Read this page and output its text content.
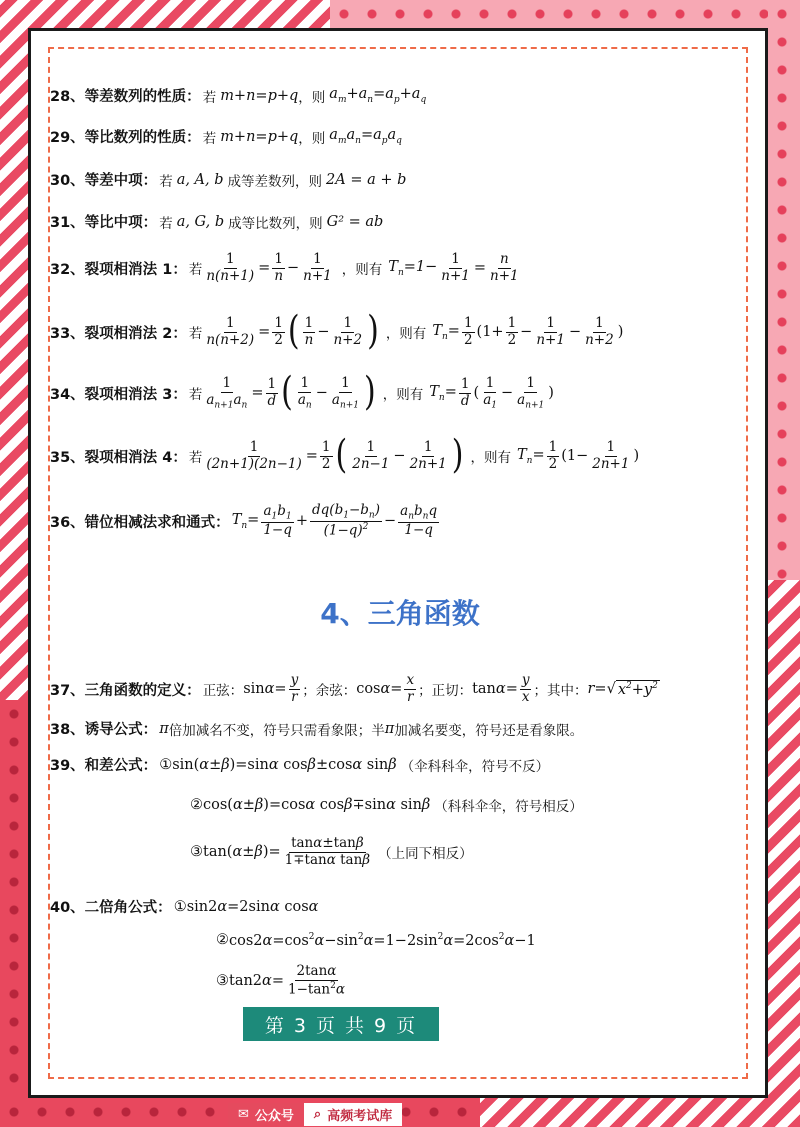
28、等差数列的性质： 若 m+n=p+q ，则 $a_m+a_n=a_p+a_q$
29、等比数列的性质： 若 m+n=p+q ，则 $a_ma_n=a_pa_q$
30、等差中项： 若 a, A, b 成等差数列，则 2A = a + b
31、等比中项： 若 a, G, b 成等比数列，则 G² = ab
32、裂项相消法 1： 若 $\frac{1}{n(n+1)} = \frac{1}{n} - \frac{1}{n+1}$ ，则有 $T_n=1- \frac{1}{n+1} = \frac{n}{n+1}$
33、裂项相消法 2： 若 $\frac{1}{n(n+2)} = \frac{1}{2}$ ( $\frac{1}{n} - \frac{1}{n+2}$ ) ，则有 $T_n= \frac{1}{2} (1+ \frac{1}{2} - \frac{1}{n+1} - \frac{1}{n+2}$ )
34、裂项相消法 3： 若 $\frac{1}{a_{n+1}a_n} = \frac{1}{d}$ ( $\frac{1}{a_n} - \frac{1}{a_{n+1}}$ ) ，则有 $T_n= \frac{1}{d}$ ( $\frac{1}{a_1} - \frac{1}{a_{n+1}}$ )
35、裂项相消法 4： 若 $\frac{1}{(2n+1)(2n-1)} = \frac{1}{2}$ ( $\frac{1}{2n-1} - \frac{1}{2n+1}$ ) ，则有 $T_n= \frac{1}{2} (1- \frac{1}{2n+1}$ )
36、错位相减法求和通式： $T_n= \frac{a_1b_1}{1-q} + \frac{dq(b_1-b_n)}{(1-q)^2} - \frac{a_nb_nq}{1-q}$
4、三角函数
37、三角函数的定义： 正弦： $\sin\alpha= \frac{y}{r}$ ；余弦： $\cos\alpha= \frac{x}{r}$ ；正切： $\tan\alpha= \frac{y}{x}$ ；其中： r= √ $x^2+y^2$
38、诱导公式： π 倍加减名不变，符号只需看象限；半 π 加减名要变，符号还是看象限。
39、和差公式： ① sin(α±β)=sinα cosβ±cosα sinβ （伞科科伞，符号不反）
② cos(α±β)=cosα cosβ∓sinα sinβ （科科伞伞，符号相反）
③ $\tan(\alpha\pm\beta)= \frac{\tan\alpha\pm\tan\beta}{\text{1∓tanα tanβ}}$ （上同下相反）
40、二倍角公式： ① sin2α=2sinα cosα
② $\cos 2\alpha=\cos^2\alpha-\sin^2\alpha=1-2\sin^2\alpha=2\cos^2\alpha-1$
③ $\tan 2\alpha= \frac{2\tan\alpha}{1-\tan^2\alpha}$
第 3 页 共 9 页
✉ 公众号 ⌕ 高频考试库
